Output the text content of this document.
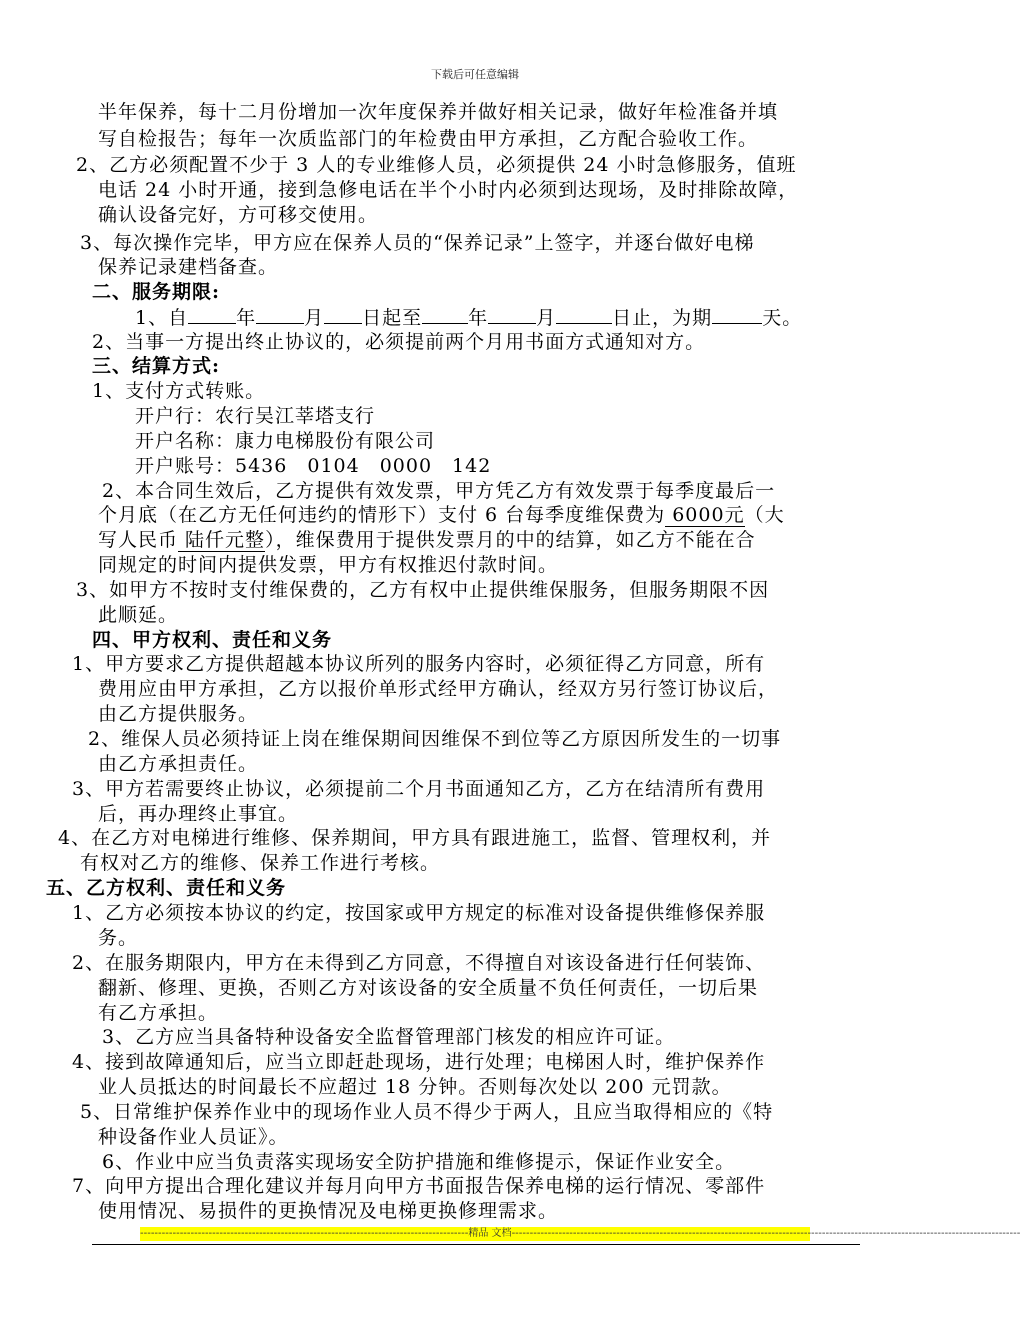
下载后可任意编辑
半年保养，每十二月份增加一次年度保养并做好相关记录，做好年检准备并填
写自检报告；每年一次质监部门的年检费由甲方承担，乙方配合验收工作。
2、乙方必须配置不少于 3 人的专业维修人员，必须提供 24 小时急修服务，值班
电话 24 小时开通，接到急修电话在半个小时内必须到达现场，及时排除故障，
确认设备完好，方可移交使用。
3、每次操作完毕，甲方应在保养人员的“保养记录”上签字，并逐台做好电梯
保养记录建档备查。
二、服务期限:
1、自	年	月 日起至 年	月	日止，为期	天。
2、当事一方提出终止协议的，必须提前两个月用书面方式通知对方。
三、结算方式:
1、支付方式转账。
开户行：农行吴江莘塔支行
开户名称：康力电梯股份有限公司
开户账号：5436　0104　0000　142
2、本合同生效后，乙方提供有效发票，甲方凭乙方有效发票于每季度最后一
个月底（在乙方无任何违约的情形下）支付 6 台每季度维保费为 6000元（大
写人民币 陆仟元整），维保费用于提供发票月的中的结算，如乙方不能在合
同规定的时间内提供发票，甲方有权推迟付款时间。
3、如甲方不按时支付维保费的，乙方有权中止提供维保服务，但服务期限不因
此顺延。
四、甲方权利、责任和义务
1、甲方要求乙方提供超越本协议所列的服务内容时，必须征得乙方同意，所有
费用应由甲方承担，乙方以报价单形式经甲方确认，经双方另行签订协议后，
由乙方提供服务。
2、维保人员必须持证上岗在维保期间因维保不到位等乙方原因所发生的一切事
由乙方承担责任。
3、甲方若需要终止协议，必须提前二个月书面通知乙方，乙方在结清所有费用
后，再办理终止事宜。
4、在乙方对电梯进行维修、保养期间，甲方具有跟进施工，监督、管理权利，并
有权对乙方的维修、保养工作进行考核。
五、乙方权利、责任和义务
1、乙方必须按本协议的约定，按国家或甲方规定的标准对设备提供维修保养服
务。
2、在服务期限内，甲方在未得到乙方同意，不得擅自对该设备进行任何装饰、
翻新、修理、更换，否则乙方对该设备的安全质量不负任何责任，一切后果
有乙方承担。
3、乙方应当具备特种设备安全监督管理部门核发的相应许可证。
4、接到故障通知后，应当立即赶赴现场，进行处理；电梯困人时，维护保养作
业人员抵达的时间最长不应超过 18 分钟。否则每次处以 200 元罚款。
5、日常维护保养作业中的现场作业人员不得少于两人，且应当取得相应的《特
种设备作业人员证》。
6、作业中应当负责落实现场安全防护措施和维修提示，保证作业安全。
7、向甲方提出合理化建议并每月向甲方书面报告保养电梯的运行情况、零部件
使用情况、易损件的更换情况及电梯更换修理需求。
-------------------------------------------------------------------------------------------精品 文档---------------------------------------------------------------------------------------------------------------------------------------------
